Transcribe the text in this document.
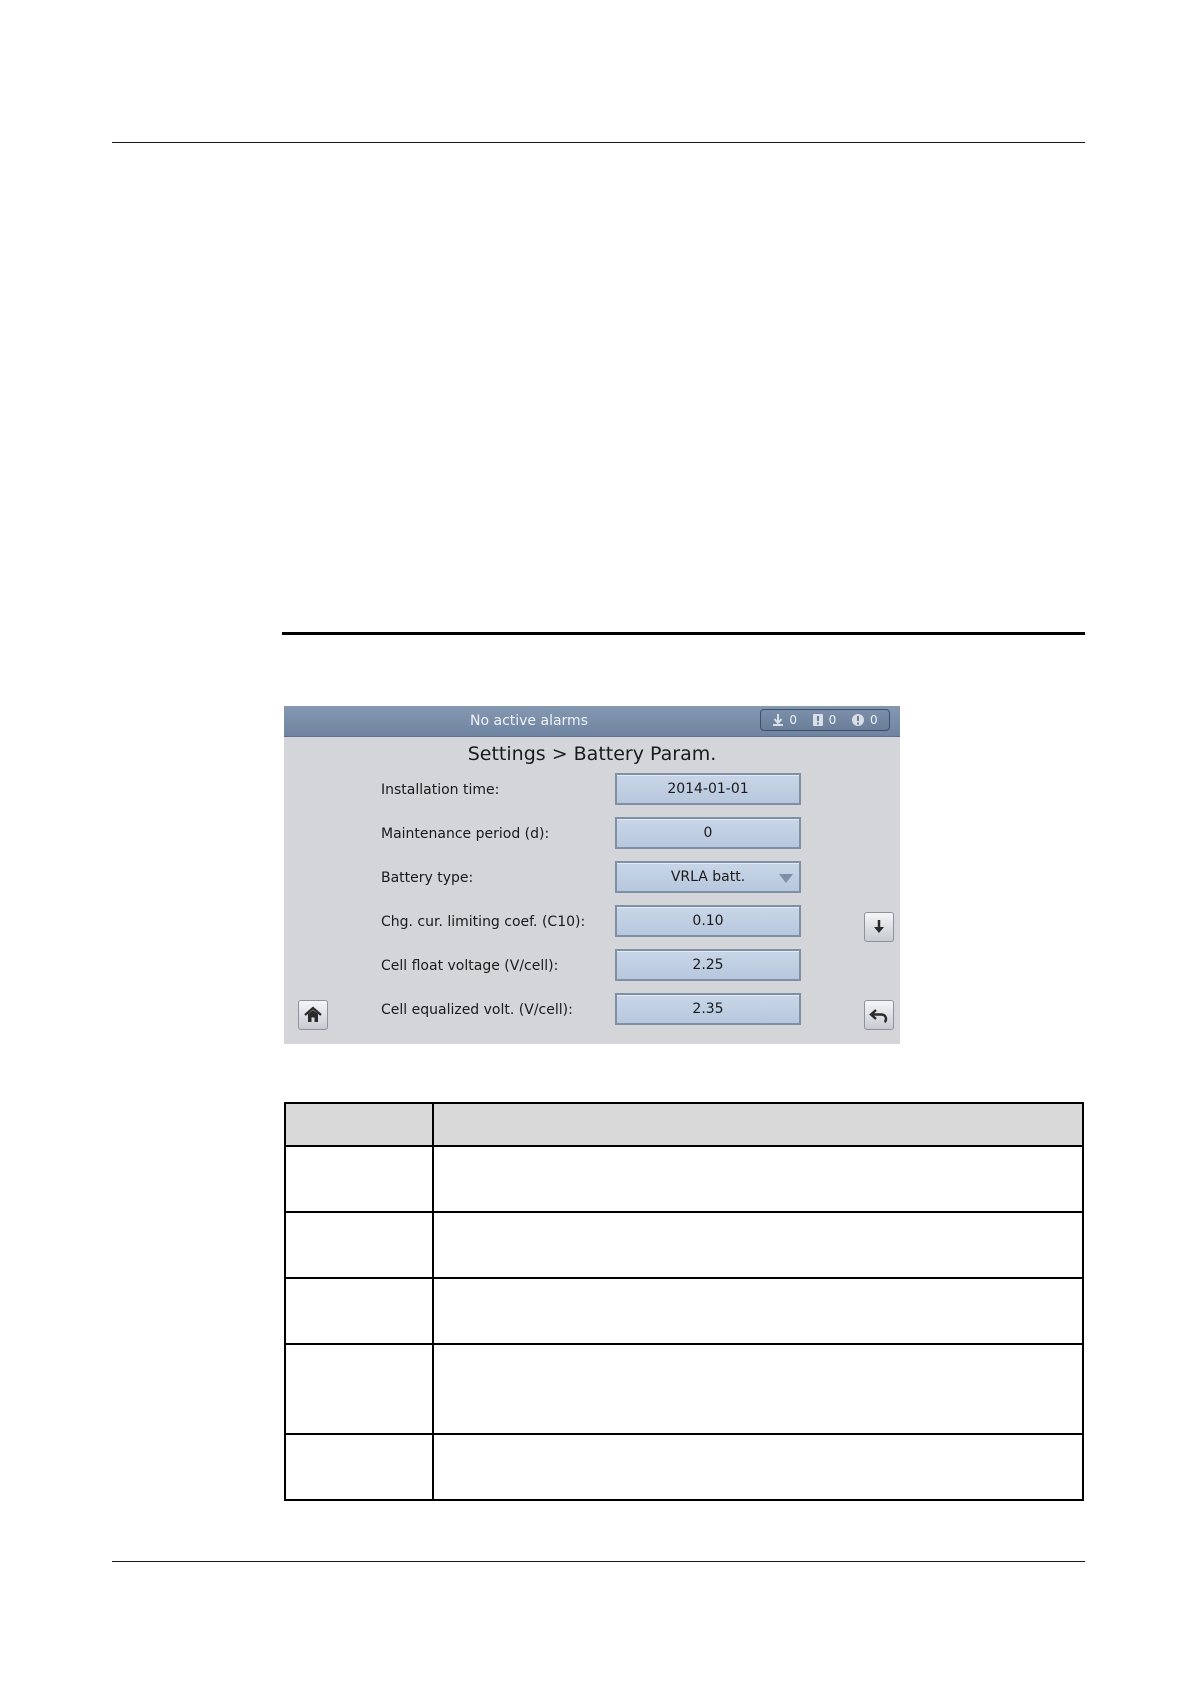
No active alarms	0	0	0
Settings > Battery Param.
Installation time:	2014-01-01
Maintenance period (d):	0
Battery type:	VRLA batt.
Chg. cur. limiting coef. (C10):	0.10
Cell float voltage (V/cell):	2.25
Cell equalized volt. (V/cell):	2.35
